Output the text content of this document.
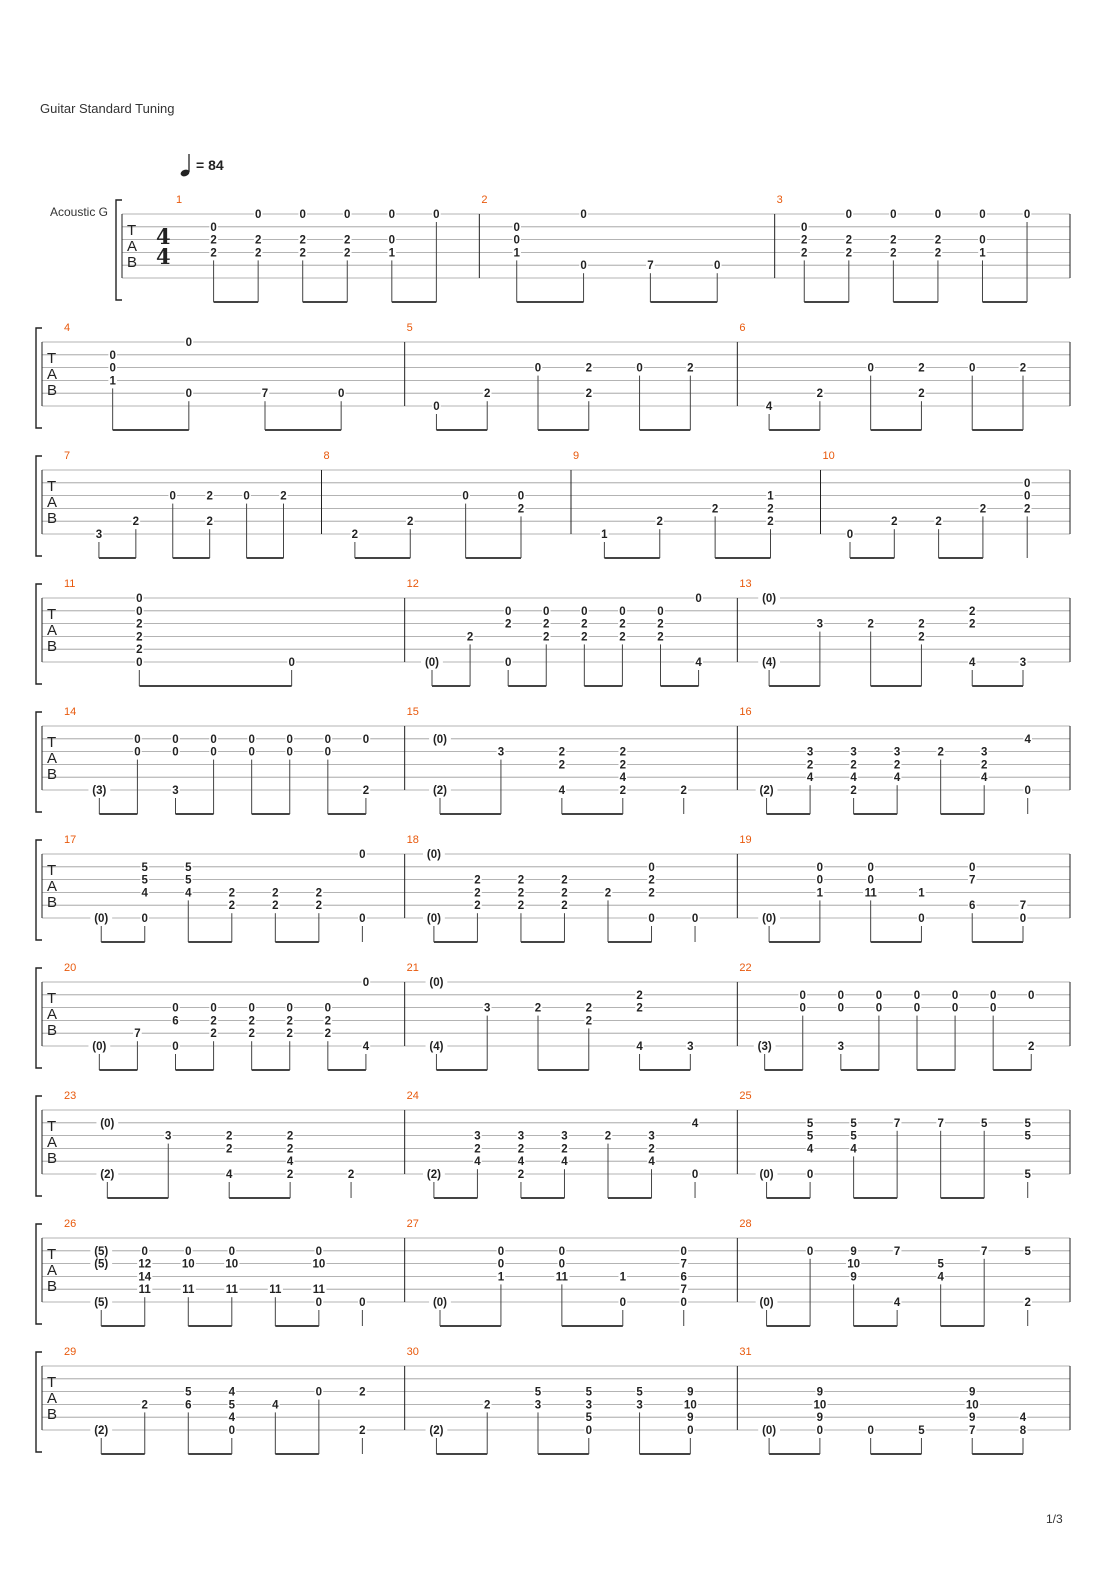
Guitar Standard Tuning
= 84
Acoustic G
T
A
B
4
4
1
0
2
2
0
2
2
0
2
2
0
2
2
0
0
1
0
2
0
0
1
0
0	7	0
3
0
2
2
0
2
2
0
2
2
0
2
2
0
0
1
0
T
A
B
4
0
0
1
0
0	7	0
5
0
2
0	2
2
0	2
6
4
2
0	2
2
0	2
T
A
B
7
3
2
0	2
2
0	2
8
2
2
0	0
2
9
1
2
2
1
2
2
10
0
2	2
2
0
0
2
T
A
B
11
0
0
2
2
2
0	0
12
(0)
2
0
2
0
0
2
2
0
2
2
0
2
2
0
2
2
0
4
13
(0)
(4)
3	2	2
2
2
2
4	3
T
A
B
14
(3)
0
0
0
0
3
0
0
0
0
0
0
0
0
0
2
15
(0)
(2)
3	2
2
4
2
2
4
2	2
16
(2)
3
2
4
3
2
4
2
3
2
4
2	3
2
4
4
0
T
A
B
17
(0)
5
5
4
0
5
5
4	2
2
2
2
2
2
0
0
18
(0)
(0)
2
2
2
2
2
2
2
2
2
2
0
2
2
0	0
19
(0)
0
0
1
0
0
11	1
0
0
7
6	7
0
T
A
B
20
(0)
7
0
6
0
0
2
2
0
2
2
0
2
2
0
2
2
0
4
21
(0)
(4)
3	2	2
2
2
2
4	3
22
(3)
0
0
0
0
3
0
0
0
0
0
0
0
0
0
2
T
A
B
23
(0)
(2)
3	2
2
4
2
2
4
2	2
24
(2)
3
2
4
3
2
4
2
3
2
4
2	3
2
4
4
0
25
(0)
5
5
4
0
5
5
4
7	7	5	5
5
5
T
A
B
26
(5)
(5)
(5)
0
12
14
11
0
10
11
0
10
11	11
0
10
11
0	0
27
(0)
0
0
1
0
0
11	1
0
0
7
6
7
0
28
(0)
0	9
10
9
7
4
5
4
7	5
2
T
A
B
29
(2)
2
5
6
4
5
4
0
4
0	2
2
30
(2)
2
5
3
5
3
5
0
5
3
9
10
9
0
31
(0)
9
10
9
0	0	5
9
10
9
7
4
8
1/3
